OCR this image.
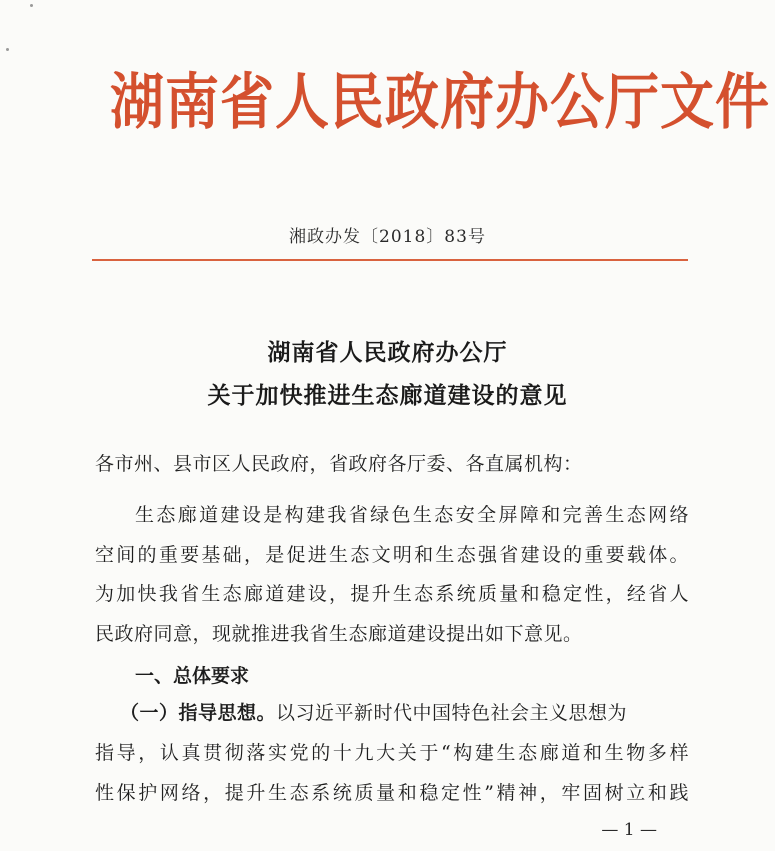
湖南省人民政府办公厅文件
湘政办发〔2018〕83号
湖南省人民政府办公厅
关于加快推进生态廊道建设的意见
各市州、县市区人民政府，省政府各厅委、各直属机构：
生态廊道建设是构建我省绿色生态安全屏障和完善生态网络
空间的重要基础，是促进生态文明和生态强省建设的重要载体。
为加快我省生态廊道建设，提升生态系统质量和稳定性，经省人
民政府同意，现就推进我省生态廊道建设提出如下意见。
一、总体要求
（一）指导思想。以习近平新时代中国特色社会主义思想为
指导，认真贯彻落实党的十九大关于“构建生态廊道和生物多样
性保护网络，提升生态系统质量和稳定性”精神，牢固树立和践
— 1 —
